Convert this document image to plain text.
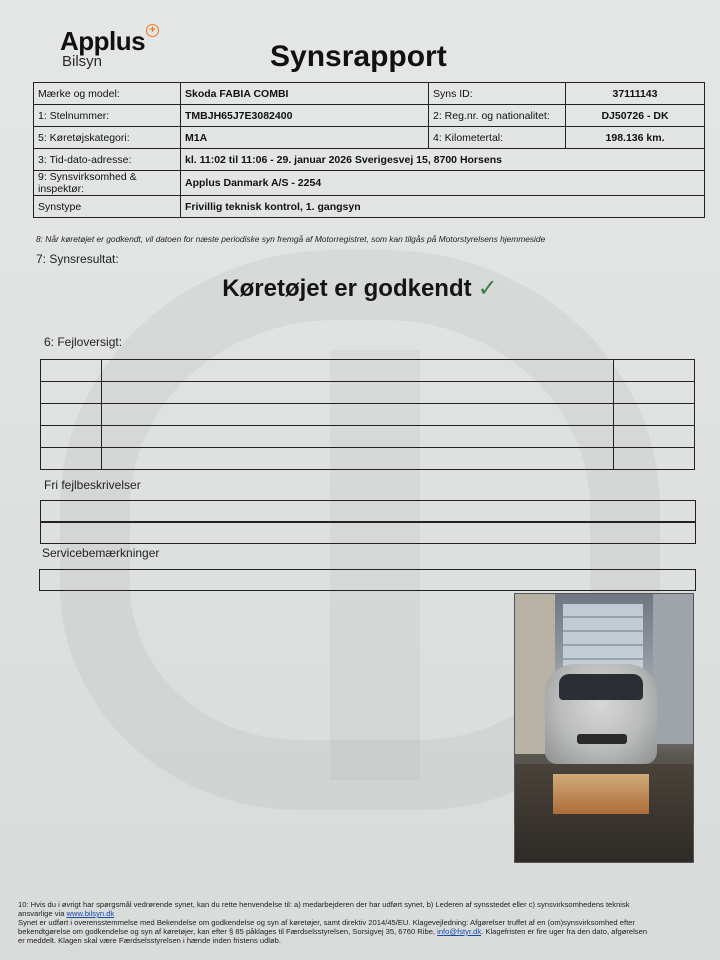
Applus +
Bilsyn	Synsrapport
Mærke og model:	Skoda FABIA COMBI	Syns ID:	37111143
1: Stelnummer:	TMBJH65J7E3082400	2: Reg.nr. og nationalitet:	DJ50726 - DK
5: Køretøjskategori:	M1A	4: Kilometertal:	198.136 km.
3: Tid-dato-adresse:	kl. 11:02 til 11:06 - 29. januar 2026 Sverigesvej 15, 8700 Horsens		
9: Synsvirksomhed & inspektør:	Applus Danmark A/S - 2254		
Synstype	Frivillig teknisk kontrol, 1. gangsyn		
8: Når køretøjet er godkendt, vil datoen for næste periodiske syn fremgå af Motorregistret, som kan tilgås på Motorstyrelsens hjemmeside
7: Synsresultat:
Køretøjet er godkendt ✓
6: Fejloversigt:

Fri fejlbeskrivelser
Servicebemærkninger

10: Hvis du i øvrigt har spørgsmål vedrørende synet, kan du rette henvendelse til: a) medarbejderen der har udført synet, b) Lederen af synsstedet eller c) synsvirksomhedens teknisk

ansvarlige via www.bilsyn.dk

Synet er udført i overensstemmelse med Bekendelse om godkendelse og syn af køretøjer, samt direktiv 2014/45/EU. Klagevejledning: Afgørelser truffet af en (om)synsvirksomhed efter

bekendtgørelse om godkendelse og syn af køretøjer, kan efter § 85 påklages til Færdselsstyrelsen, Sorsigvej 35, 6760 Ribe, info@fstyr.dk. Klagefristen er fire uger fra den dato, afgørelsen

er meddelt. Klagen skal være Færdselsstyrelsen i hænde inden fristens udløb.
